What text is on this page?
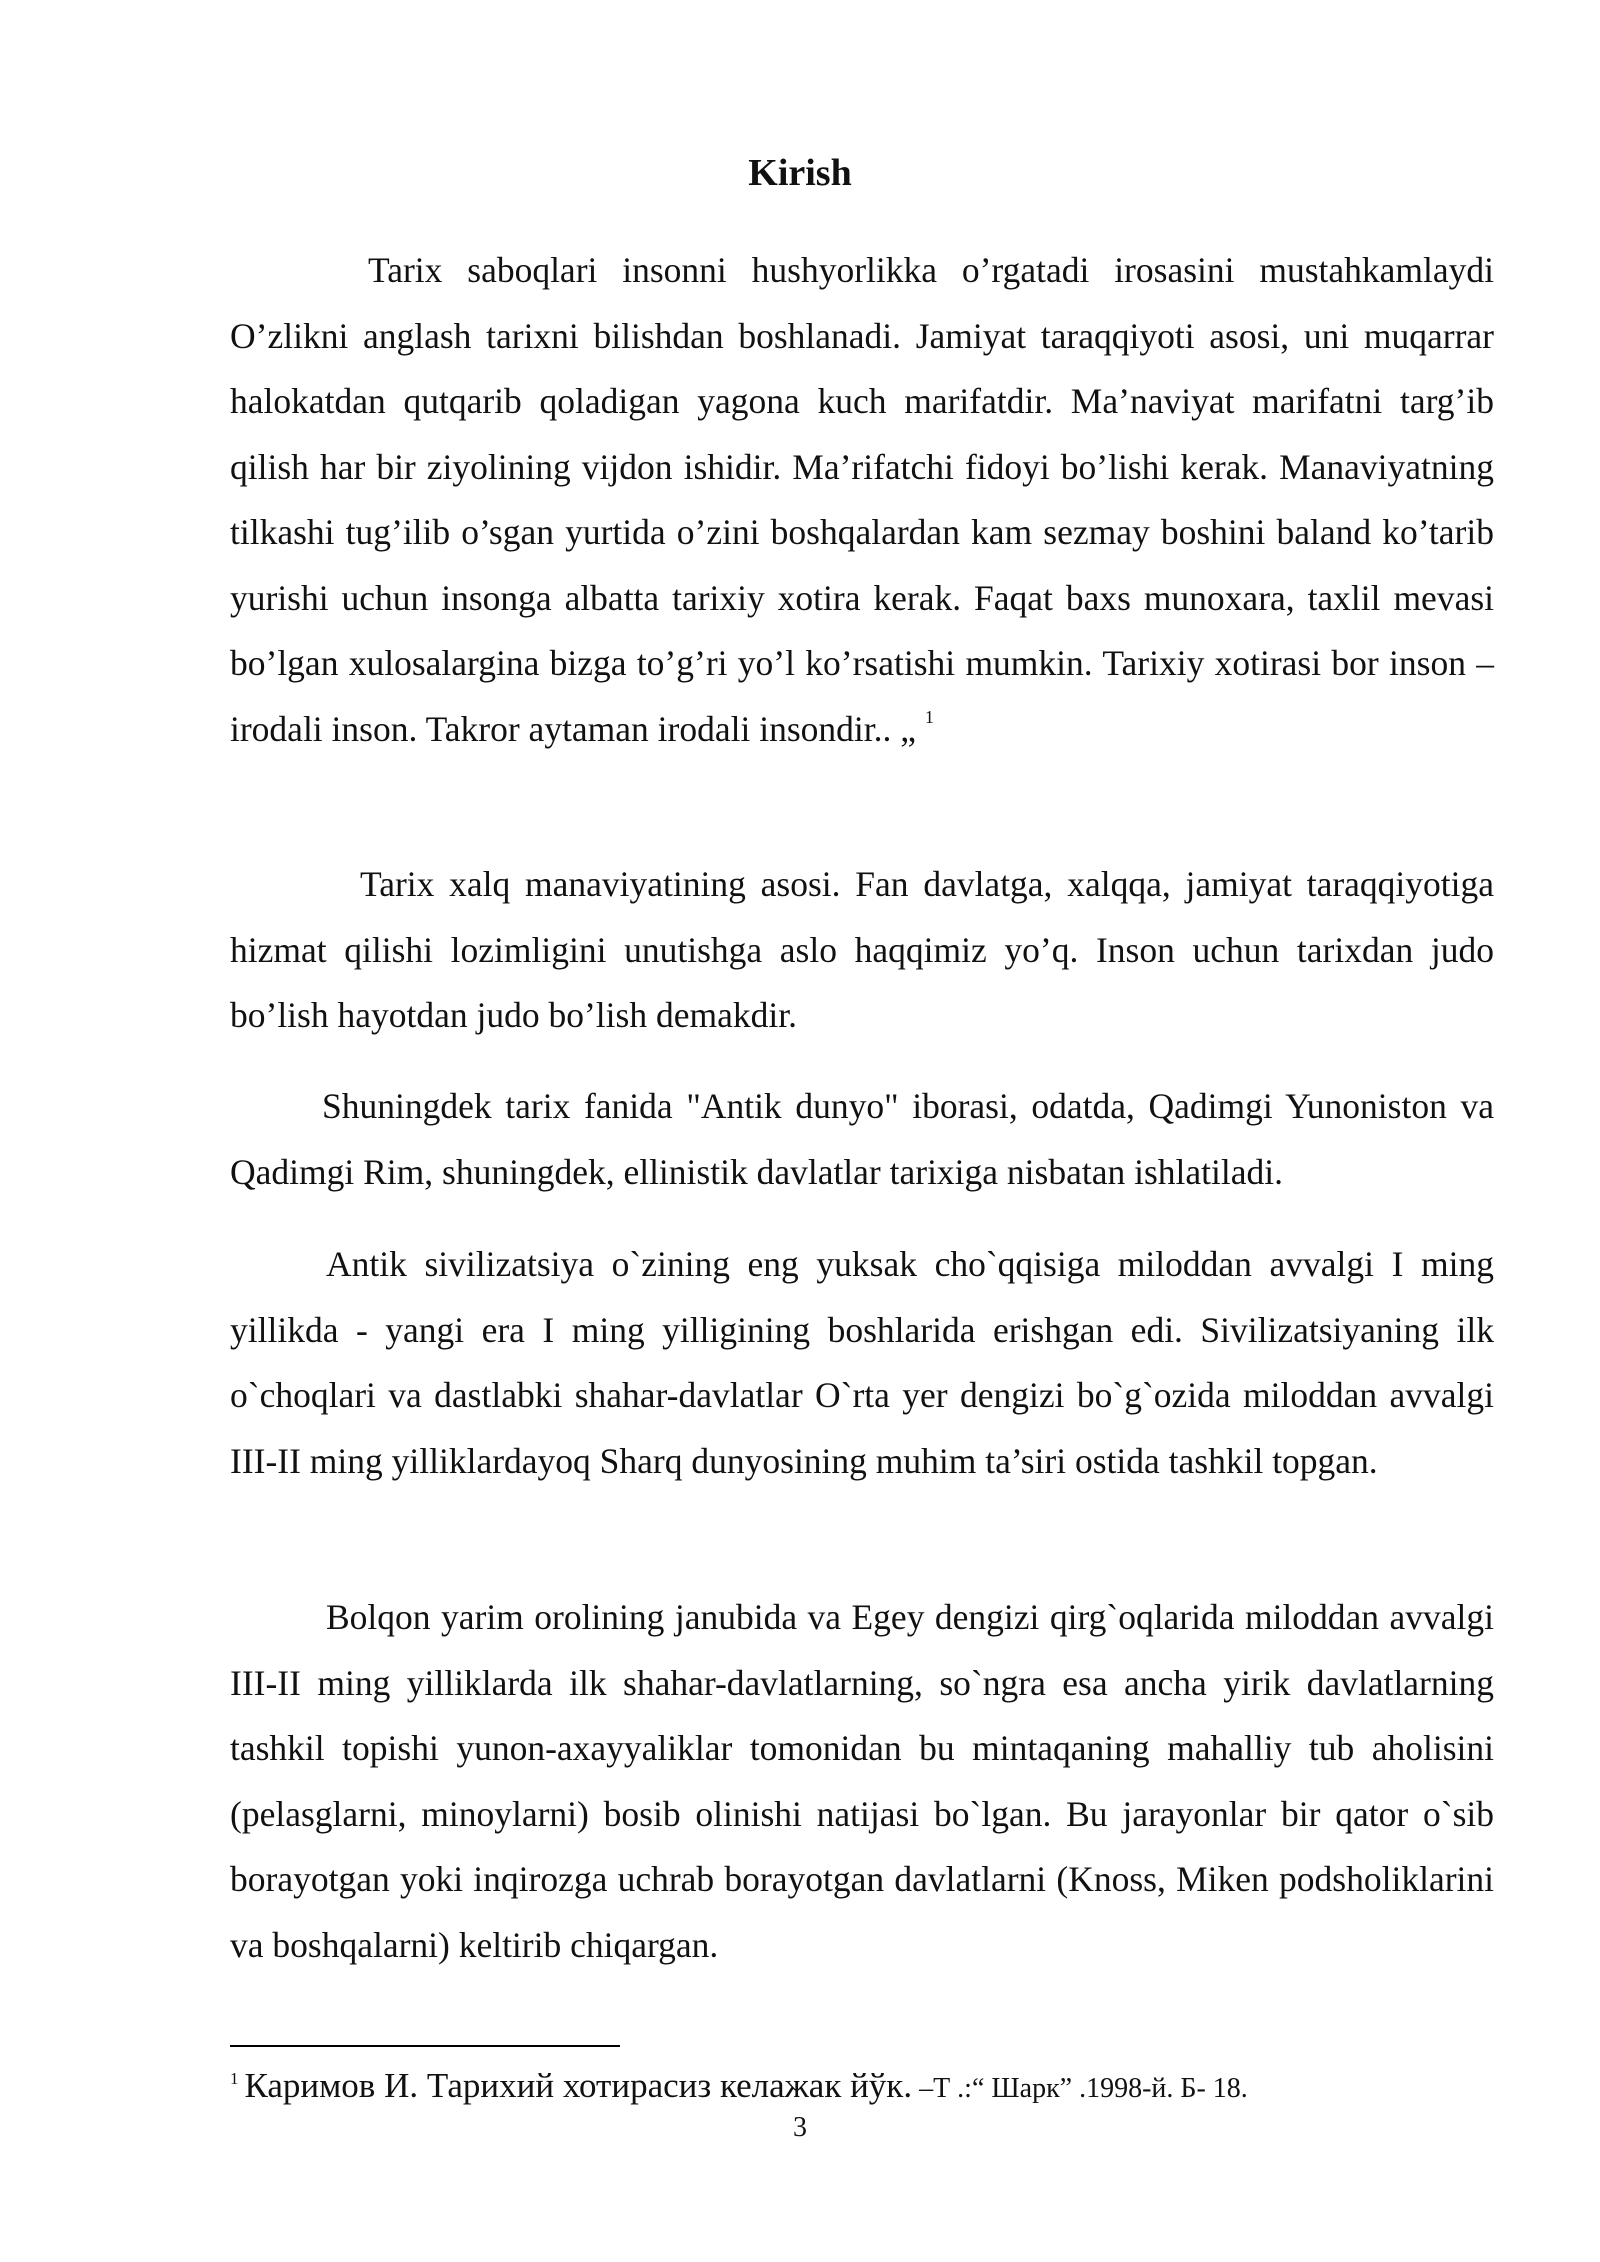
Kirish
Tarix saboqlari insonni hushyorlikka o’rgatadi irosasini mustahkamlaydi O’zlikni anglash tarixni bilishdan boshlanadi. Jamiyat taraqqiyoti asosi, uni muqarrar halokatdan qutqarib qoladigan yagona kuch marifatdir. Ma’naviyat marifatni targ’ib qilish har bir ziyolining vijdon ishidir. Ma’rifatchi fidoyi bo’lishi kerak. Manaviyatning tilkashi tug’ilib o’sgan yurtida o’zini boshqalardan kam sezmay boshini baland ko’tarib yurishi uchun insonga albatta tarixiy xotira kerak. Faqat baxs munoxara, taxlil mevasi bo’lgan xulosalargina bizga to’g’ri yo’l ko’rsatishi mumkin. Tarixiy xotirasi bor inson – irodali inson. Takror aytaman irodali insondir.. „ $^1$
Tarix xalq manaviyatining asosi. Fan davlatga, xalqqa, jamiyat taraqqiyotiga hizmat qilishi lozimligini unutishga aslo haqqimiz yo’q. Inson uchun tarixdan judo bo’lish hayotdan judo bo’lish demakdir.
Shuningdek tarix fanida "Antik dunyo" iborasi, odatda, Qadimgi Yunoniston va Qadimgi Rim, shuningdek, ellinistik davlatlar tarixiga nisbatan ishlatiladi.
Antik sivilizatsiya o`zining eng yuksak cho`qqisiga miloddan avvalgi I ming yillikda - yangi era I ming yilligining boshlarida erishgan edi. Sivilizatsiyaning ilk o`choqlari va dastlabki shahar-davlatlar O`rta yer dengizi bo`g`ozida miloddan avvalgi III-II ming yilliklardayoq Sharq dunyosining muhim ta’siri ostida tashkil topgan.
Bolqon yarim orolining janubida va Egey dengizi qirg`oqlarida miloddan avvalgi III-II ming yilliklarda ilk shahar-davlatlarning, so`ngra esa ancha yirik davlatlarning tashkil topishi yunon-axayyaliklar tomonidan bu mintaqaning mahalliy tub aholisini (pelasglarni, minoylarni) bosib olinishi natijasi bo`lgan. Bu jarayonlar bir qator o`sib borayotgan yoki inqirozga uchrab borayotgan davlatlarni (Knoss, Miken podsholiklarini va boshqalarni) keltirib chiqargan.
$^1$ Каримов И. Тарихий хотирасиз келажак йўк. –Т .:“ Шарк” .1998-й. Б- 18.
3
